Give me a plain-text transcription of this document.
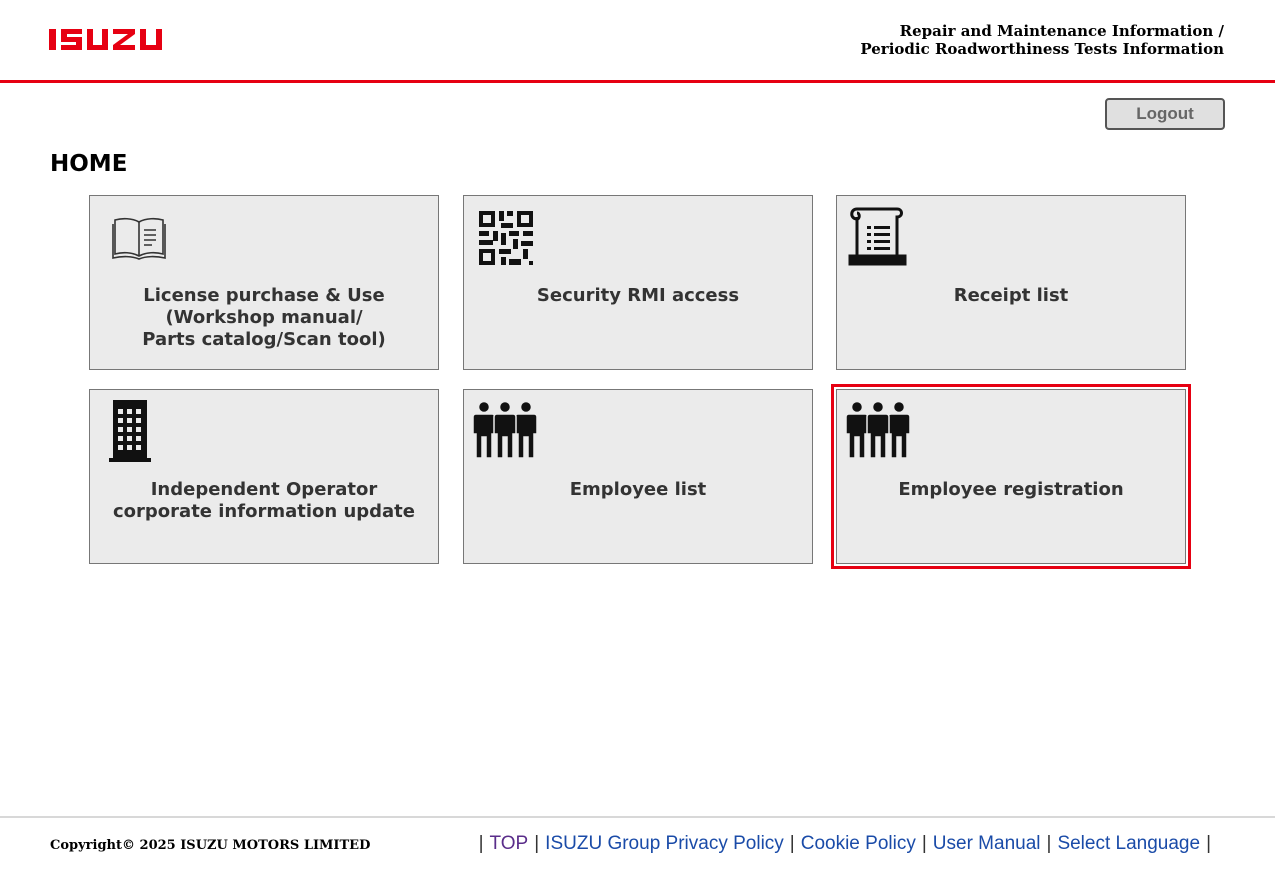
Repair and Maintenance Information /
Periodic Roadworthiness Tests Information
Logout
HOME
License purchase & Use
(Workshop manual/
Parts catalog/Scan tool)
Security RMI access	Receipt list
Independent Operator
corporate information update
Employee list	Employee registration
Copyright© 2025 ISUZU MOTORS LIMITED	| TOP | ISUZU Group Privacy Policy | Cookie Policy | User Manual | Select Language |
